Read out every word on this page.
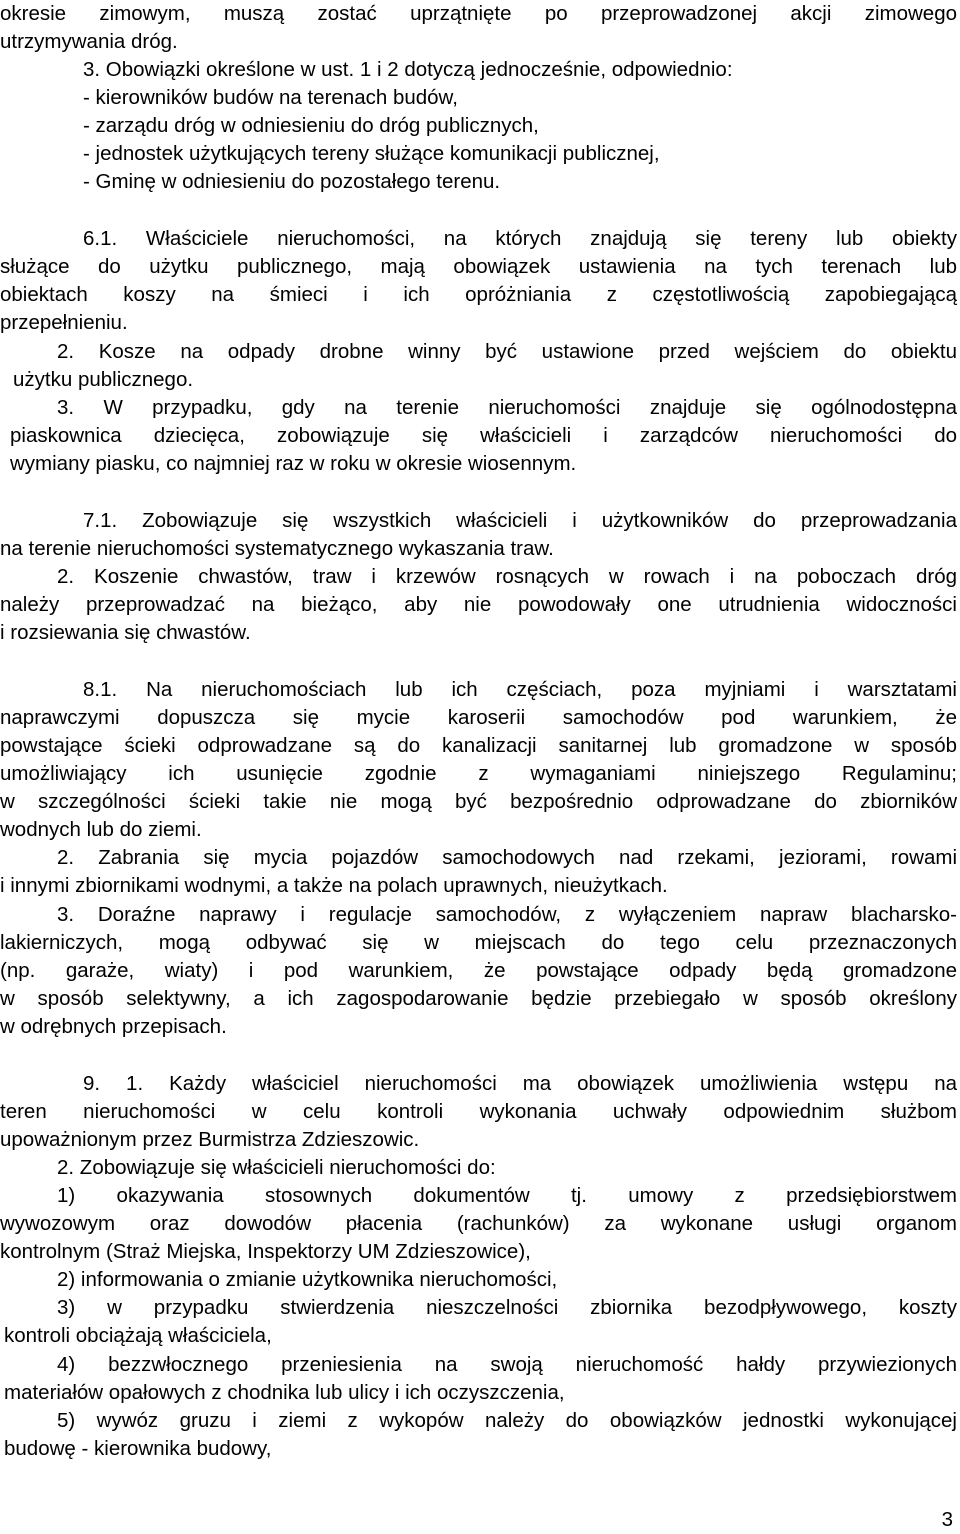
okresie zimowym, muszą zostać uprzątnięte po przeprowadzonej akcji zimowego
utrzymywania dróg.
3. Obowiązki określone w ust. 1 i 2 dotyczą jednocześnie, odpowiednio:
- kierowników budów na terenach budów,
- zarządu dróg w odniesieniu do dróg publicznych,
- jednostek użytkujących tereny służące komunikacji publicznej,
- Gminę w odniesieniu do pozostałego terenu.
6.1. Właściciele nieruchomości, na których znajdują się tereny lub obiekty
służące do użytku publicznego, mają obowiązek ustawienia na tych terenach lub
obiektach koszy na śmieci i ich opróżniania z częstotliwością zapobiegającą
przepełnieniu.
2. Kosze na odpady drobne winny być ustawione przed wejściem do obiektu
użytku publicznego.
3. W przypadku, gdy na terenie nieruchomości znajduje się ogólnodostępna
piaskownica dziecięca, zobowiązuje się właścicieli i zarządców nieruchomości do
wymiany piasku, co najmniej raz w roku w okresie wiosennym.
7.1. Zobowiązuje się wszystkich właścicieli i użytkowników do przeprowadzania
na terenie nieruchomości systematycznego wykaszania traw.
2. Koszenie chwastów, traw i krzewów rosnących w rowach i na poboczach dróg
należy przeprowadzać na bieżąco, aby nie powodowały one utrudnienia widoczności
i rozsiewania się chwastów.
8.1. Na nieruchomościach lub ich częściach, poza myjniami i warsztatami
naprawczymi dopuszcza się mycie karoserii samochodów pod warunkiem, że
powstające ścieki odprowadzane są do kanalizacji sanitarnej lub gromadzone w sposób
umożliwiający ich usunięcie zgodnie z wymaganiami niniejszego Regulaminu;
w szczególności ścieki takie nie mogą być bezpośrednio odprowadzane do zbiorników
wodnych lub do ziemi.
2. Zabrania się mycia pojazdów samochodowych nad rzekami, jeziorami, rowami
i innymi zbiornikami wodnymi, a także na polach uprawnych, nieużytkach.
3. Doraźne naprawy i regulacje samochodów, z wyłączeniem napraw blacharsko-
lakierniczych, mogą odbywać się w miejscach do tego celu przeznaczonych
(np. garaże, wiaty) i pod warunkiem, że powstające odpady będą gromadzone
w sposób selektywny, a ich zagospodarowanie będzie przebiegało w sposób określony
w odrębnych przepisach.
9. 1. Każdy właściciel nieruchomości ma obowiązek umożliwienia wstępu na
teren nieruchomości w celu kontroli wykonania uchwały odpowiednim służbom
upoważnionym przez Burmistrza Zdzieszowic.
2. Zobowiązuje się właścicieli nieruchomości do:
1) okazywania stosownych dokumentów tj. umowy z przedsiębiorstwem
wywozowym oraz dowodów płacenia (rachunków) za wykonane usługi organom
kontrolnym (Straż Miejska, Inspektorzy UM Zdzieszowice),
2) informowania o zmianie użytkownika nieruchomości,
3) w przypadku stwierdzenia nieszczelności zbiornika bezodpływowego, koszty
kontroli obciążają właściciela,
4) bezzwłocznego przeniesienia na swoją nieruchomość hałdy przywiezionych
materiałów opałowych z chodnika lub ulicy i ich oczyszczenia,
5) wywóz gruzu i ziemi z wykopów należy do obowiązków jednostki wykonującej
budowę - kierownika budowy,
3
